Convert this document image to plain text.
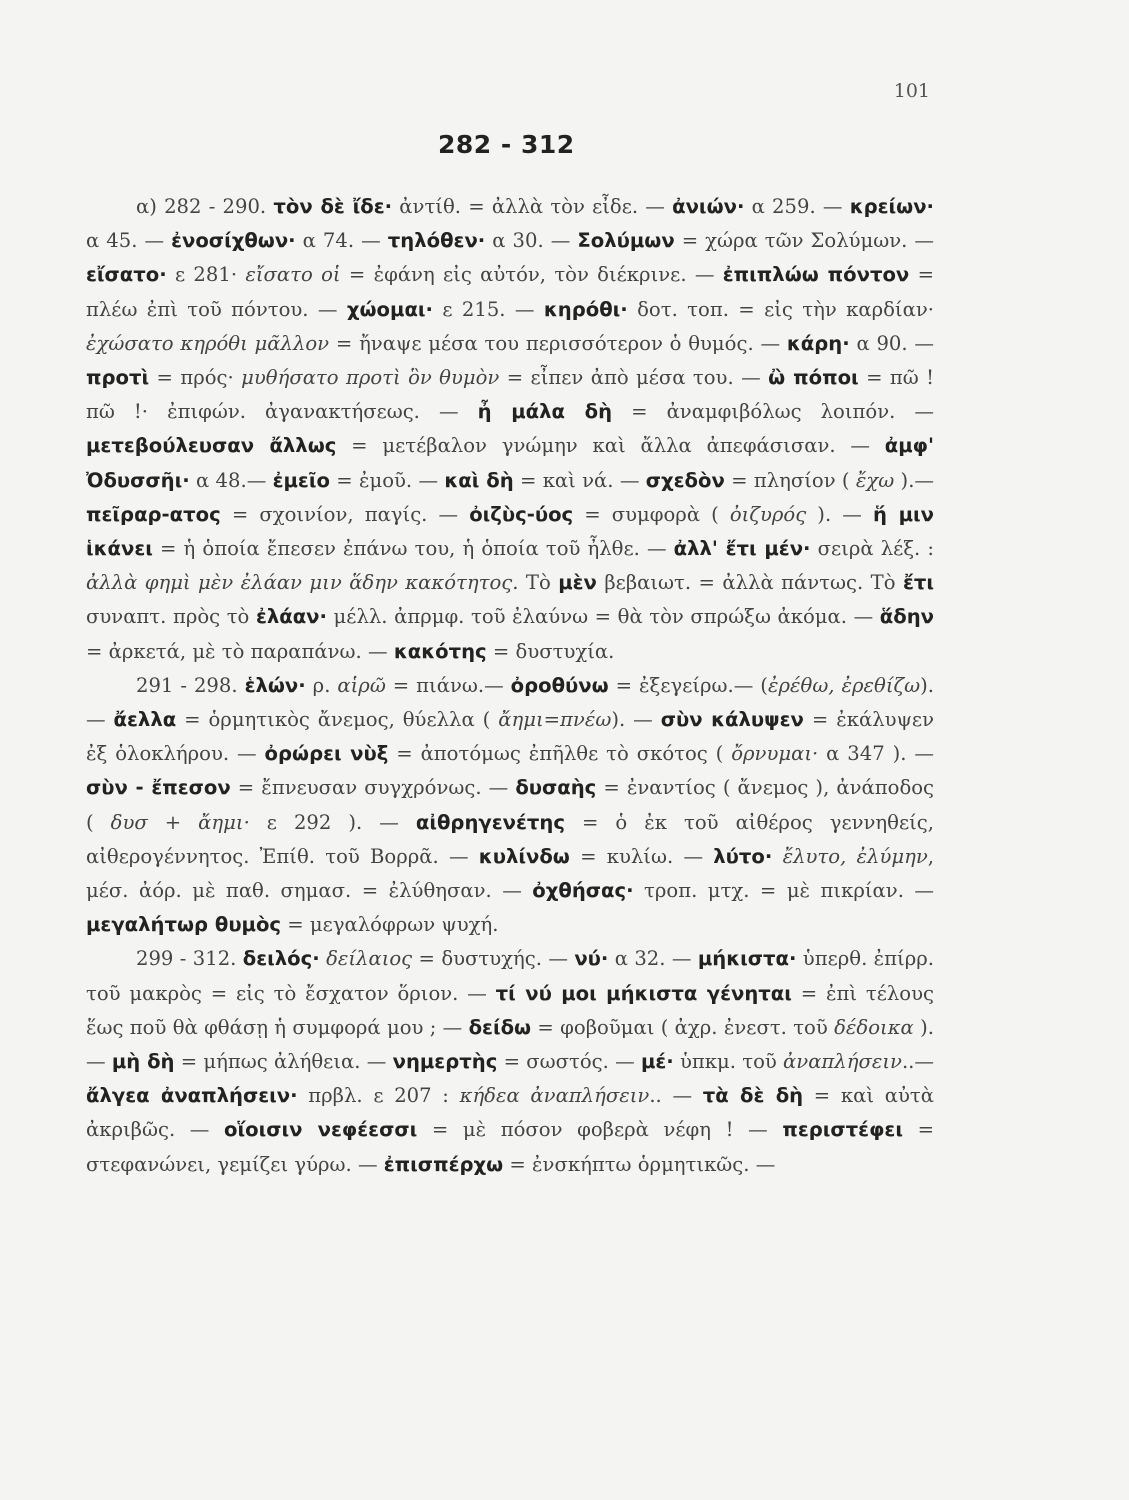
101
282 - 312

α) 282 - 290. τὸν δὲ ἴδε· ἀντίθ. = ἀλλὰ τὸν εἶδε. — ἀνιών· α 259. — κρείων· α 45. — ἐνοσίχθων· α 74. — τηλόθεν· α 30. — Σολύμων = χώρα τῶν Σολύμων. — εἴσατο· ε 281· εἴσατο οἱ = ἐφάνη εἰς αὐτόν, τὸν διέκρινε. — ἐπιπλώω πόντον = πλέω ἐπὶ τοῦ πόντου. — χώομαι· ε 215. — κηρόθι· δοτ. τοπ. = εἰς τὴν καρδίαν· ἐχώσατο κηρόθι μᾶλλον = ἤναψε μέσα του περισσότερον ὁ θυμός. — κάρη· α 90. — προτὶ = πρός· μυθήσατο προτὶ ὃν θυμὸν = εἶπεν ἀπὸ μέσα του. — ὢ πόποι = πῶ ! πῶ !· ἐπιφών. ἀγανακτήσεως. — ἦ μάλα δὴ = ἀναμφιβόλως λοιπόν. — μετεβούλευσαν ἄλλως = μετέβαλον γνώμην καὶ ἄλλα ἀπεφάσισαν. — ἀμφ' Ὀδυσσῆι· α 48.— ἐμεῖο = ἐμοῦ. — καὶ δὴ = καὶ νά. — σχεδὸν = πλησίον ( ἔχω ).— πεῖραρ-ατος = σχοινίον, παγίς. — ὀιζὺς-ύος = συμφορὰ ( ὀιζυρός ). — ἥ μιν ἱκάνει = ἡ ὁποία ἔπεσεν ἐπάνω του, ἡ ὁποία τοῦ ἦλθε. — ἀλλ' ἔτι μέν· σειρὰ λέξ. : ἀλλὰ φημὶ μὲν ἐλάαν μιν ἅδην κακότητος. Τὸ μὲν βεβαιωτ. = ἀλλὰ πάντως. Τὸ ἔτι συναπτ. πρὸς τὸ ἐλάαν· μέλλ. ἀπρμφ. τοῦ ἐλαύνω = θὰ τὸν σπρώξω ἀκόμα. — ἅδην = ἀρκετά, μὲ τὸ παραπάνω. — κακότης = δυστυχία.

291 - 298. ἑλών· ρ. αἱρῶ = πιάνω.— ὀροθύνω = ἐξεγείρω.— (ἐρέθω, ἐρεθίζω). — ἄελλα = ὁρμητικὸς ἄνεμος, θύελλα ( ἄημι=πνέω). — σὺν κάλυψεν = ἐκάλυψεν ἐξ ὁλοκλήρου. — ὀρώρει νὺξ = ἀποτόμως ἐπῆλθε τὸ σκότος ( ὄρνυμαι· α 347 ). — σὺν - ἔπεσον = ἔπνευσαν συγχρόνως. — δυσαὴς = ἐναντίος ( ἄνεμος ), ἀνάποδος ( δυσ + ἄημι· ε 292 ). — αἰθρηγενέτης = ὁ ἐκ τοῦ αἰθέρος γεννηθείς, αἰθερογέννητος. Ἐπίθ. τοῦ Βορρᾶ. — κυλίνδω = κυλίω. — λύτο· ἔλυτο, ἐλύμην, μέσ. ἀόρ. μὲ παθ. σημασ. = ἐλύθησαν. — ὀχθήσας· τροπ. μτχ. = μὲ πικρίαν. — μεγαλήτωρ θυμὸς = μεγαλόφρων ψυχή.

299 - 312. δειλός· δείλαιος = δυστυχής. — νύ· α 32. — μήκιστα· ὑπερθ. ἐπίρρ. τοῦ μακρὸς = εἰς τὸ ἔσχατον ὅριον. — τί νύ μοι μήκιστα γένηται = ἐπὶ τέλους ἕως ποῦ θὰ φθάσῃ ἡ συμφορά μου ; — δείδω = φοβοῦμαι ( ἀχρ. ἐνεστ. τοῦ δέδοικα ). — μὴ δὴ = μήπως ἀλήθεια. — νημερτὴς = σωστός. — μέ· ὑπκμ. τοῦ ἀναπλήσειν..— ἄλγεα ἀναπλήσειν· πρβλ. ε 207 : κήδεα ἀναπλήσειν.. — τὰ δὲ δὴ = καὶ αὐτὰ ἀκριβῶς. — οἵοισιν νεφέεσσι = μὲ πόσον φοβερὰ νέφη ! — περιστέφει = στεφανώνει, γεμίζει γύρω. — ἐπισπέρχω = ἐνσκήπτω ὁρμητικῶς. —
